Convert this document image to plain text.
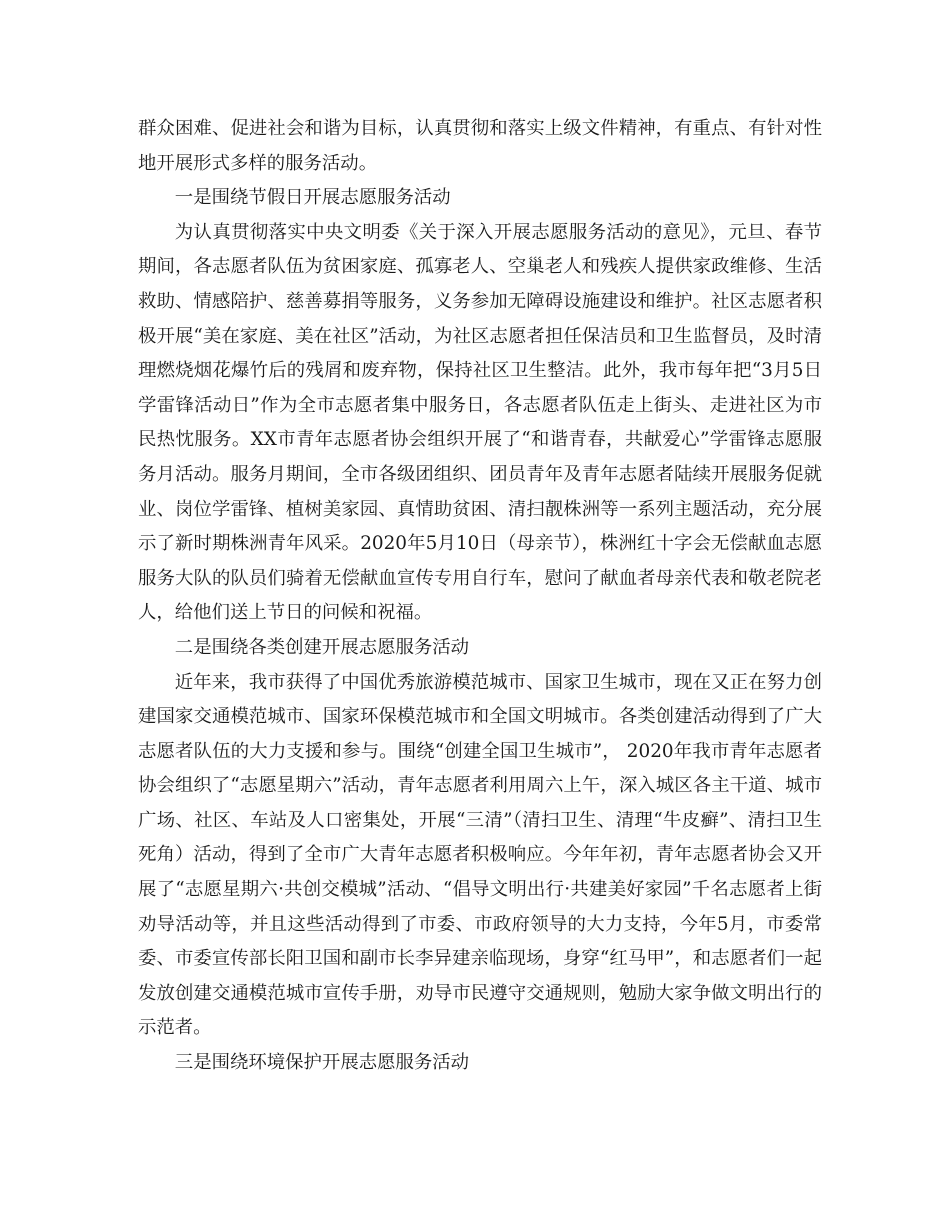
群众困难、促进社会和谐为目标，认真贯彻和落实上级文件精神，有重点、有针对性地开展形式多样的服务活动。

一是围绕节假日开展志愿服务活动

为认真贯彻落实中央文明委《关于深入开展志愿服务活动的意见》，元旦、春节期间，各志愿者队伍为贫困家庭、孤寡老人、空巢老人和残疾人提供家政维修、生活救助、情感陪护、慈善募捐等服务，义务参加无障碍设施建设和维护。社区志愿者积极开展“美在家庭、美在社区”活动，为社区志愿者担任保洁员和卫生监督员，及时清理燃烧烟花爆竹后的残屑和废弃物，保持社区卫生整洁。此外，我市每年把“3月5日学雷锋活动日”作为全市志愿者集中服务日，各志愿者队伍走上街头、走进社区为市民热忱服务。XX市青年志愿者协会组织开展了“和谐青春，共献爱心”学雷锋志愿服务月活动。服务月期间，全市各级团组织、团员青年及青年志愿者陆续开展服务促就业、岗位学雷锋、植树美家园、真情助贫困、清扫靓株洲等一系列主题活动，充分展示了新时期株洲青年风采。2020年5月10日（母亲节），株洲红十字会无偿献血志愿服务大队的队员们骑着无偿献血宣传专用自行车，慰问了献血者母亲代表和敬老院老人，给他们送上节日的问候和祝福。

二是围绕各类创建开展志愿服务活动

近年来，我市获得了中国优秀旅游模范城市、国家卫生城市，现在又正在努力创建国家交通模范城市、国家环保模范城市和全国文明城市。各类创建活动得到了广大志愿者队伍的大力支援和参与。围绕“创建全国卫生城市”， 2020年我市青年志愿者协会组织了“志愿星期六”活动，青年志愿者利用周六上午，深入城区各主干道、城市广场、社区、车站及人口密集处，开展“三清”（清扫卫生、清理“牛皮癣”、清扫卫生死角）活动，得到了全市广大青年志愿者积极响应。今年年初，青年志愿者协会又开展了“志愿星期六·共创交模城”活动、“倡导文明出行·共建美好家园”千名志愿者上街劝导活动等，并且这些活动得到了市委、市政府领导的大力支持，今年5月，市委常委、市委宣传部长阳卫国和副市长李异建亲临现场，身穿“红马甲”，和志愿者们一起发放创建交通模范城市宣传手册，劝导市民遵守交通规则，勉励大家争做文明出行的示范者。

三是围绕环境保护开展志愿服务活动
